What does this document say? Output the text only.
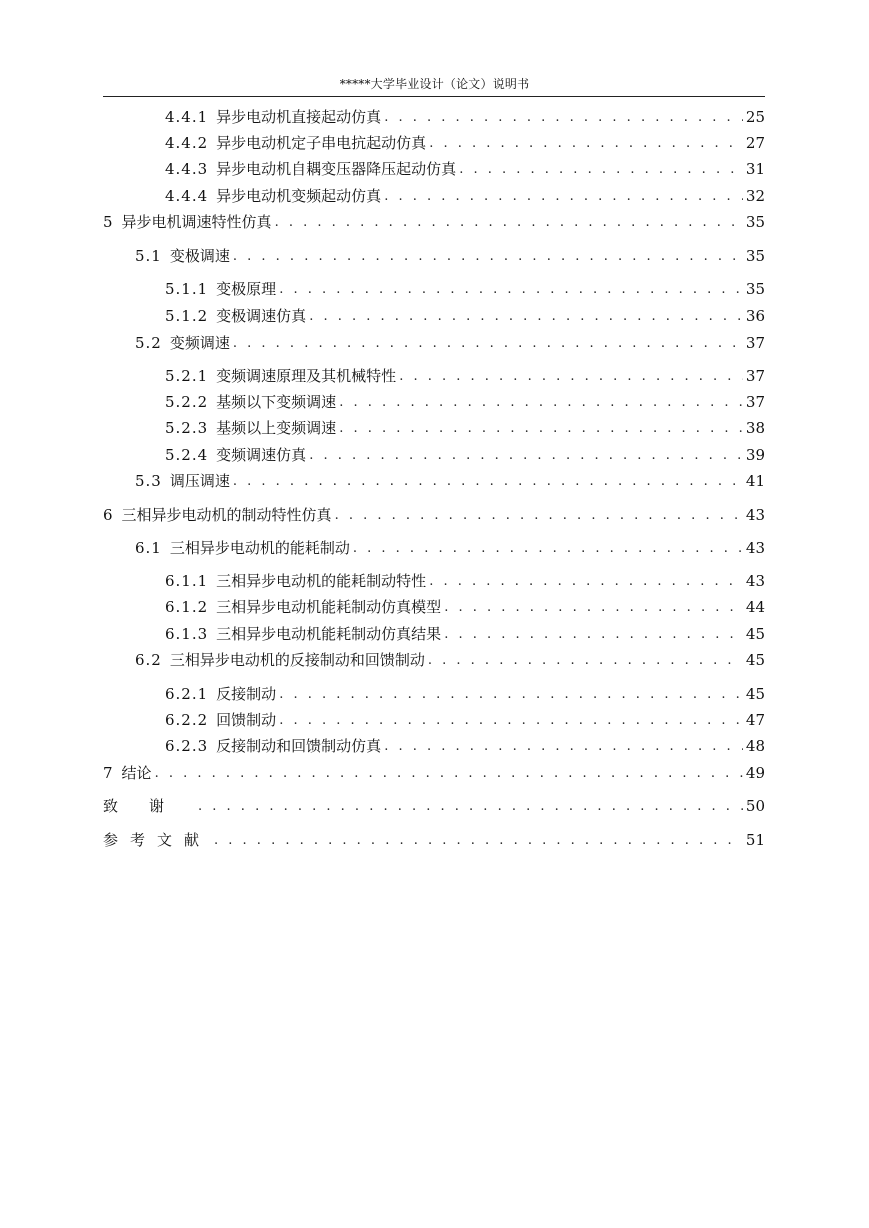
*****大学毕业设计（论文）说明书
4.4.1 异步电动机直接起动仿真 . . .	25
4.4.2 异步电动机定子串电抗起动仿真 . . .	27
4.4.3 异步电动机自耦变压器降压起动仿真 . . .	31
4.4.4 异步电动机变频起动仿真 . . .	32
5 异步电机调速特性仿真 . . .	35
5.1 变极调速 . . .	35
5.1.1 变极原理 . . .	35
5.1.2 变极调速仿真 . . .	36
5.2 变频调速 . . .	37
5.2.1 变频调速原理及其机械特性 . . .	37
5.2.2 基频以下变频调速 . . .	37
5.2.3 基频以上变频调速 . . .	38
5.2.4 变频调速仿真 . . .	39
5.3 调压调速 . . .	41
6 三相异步电动机的制动特性仿真 . . .	43
6.1 三相异步电动机的能耗制动 . . .	43
6.1.1 三相异步电动机的能耗制动特性 . . .	43
6.1.2 三相异步电动机能耗制动仿真模型 . . .	44
6.1.3 三相异步电动机能耗制动仿真结果 . . .	45
6.2 三相异步电动机的反接制动和回馈制动 . . .	45
6.2.1 反接制动 . . .	45
6.2.2 回馈制动 . . .	47
6.2.3 反接制动和回馈制动仿真 . . .	48
7 结论 . . .	49
致谢 . . .	50
参考文献 . . .	51
